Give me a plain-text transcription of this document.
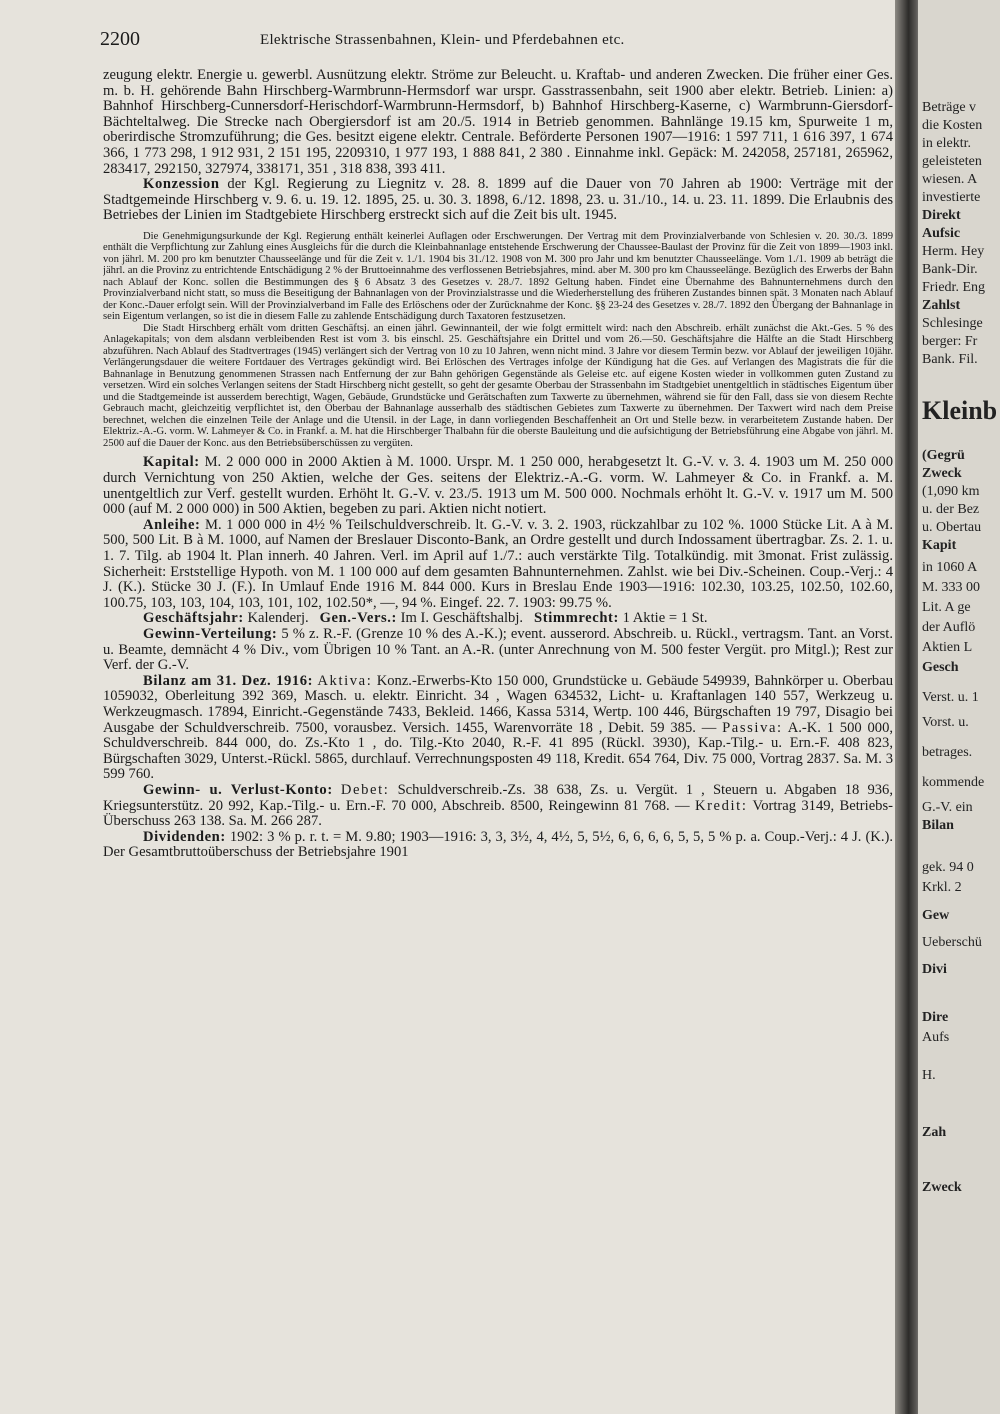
2200	Elektrische Strassenbahnen, Klein- und Pferdebahnen etc.

zeugung elektr. Energie u. gewerbl. Ausnützung elektr. Ströme zur Beleucht. u. Kraftab- und anderen Zwecken. Die früher einer Ges. m. b. H. gehörende Bahn Hirschberg-Warmbrunn-Hermsdorf war urspr. Gasstrassenbahn, seit 1900 aber elektr. Betrieb. Linien: a) Bahnhof Hirschberg-Cunnersdorf-Herischdorf-Warmbrunn-Hermsdorf, b) Bahnhof Hirschberg-Kaserne, c) Warmbrunn-Giersdorf-Bächteltalweg. Die Strecke nach Obergiersdorf ist am 20./5. 1914 in Betrieb genommen. Bahnlänge 19.15 km, Spurweite 1 m, oberirdische Stromzuführung; die Ges. besitzt eigene elektr. Centrale. Beförderte Personen 1907—1916: 1 597 711, 1 616 397, 1 674 366, 1 773 298, 1 912 931, 2 151 195, 2209310, 1 977 193, 1 888 841, 2 380 . Einnahme inkl. Gepäck: M. 242058, 257181, 265962, 283417, 292150, 327974, 338171, 351 , 318 838, 393 411.

Konzession der Kgl. Regierung zu Liegnitz v. 28. 8. 1899 auf die Dauer von 70 Jahren ab 1900: Verträge mit der Stadtgemeinde Hirschberg v. 9. 6. u. 19. 12. 1895, 25. u. 30. 3. 1898, 6./12. 1898, 23. u. 31./10., 14. u. 23. 11. 1899. Die Erlaubnis des Betriebes der Linien im Stadtgebiete Hirschberg erstreckt sich auf die Zeit bis ult. 1945.

Die Genehmigungsurkunde der Kgl. Regierung enthält keinerlei Auflagen oder Erschwerungen. Der Vertrag mit dem Provinzialverbande von Schlesien v. 20. 30./3. 1899 enthält die Verpflichtung zur Zahlung eines Ausgleichs für die durch die Kleinbahnanlage entstehende Erschwerung der Chaussee-Baulast der Provinz für die Zeit von 1899—1903 inkl. von jährl. M. 200 pro km benutzter Chausseelänge und für die Zeit v. 1./1. 1904 bis 31./12. 1908 von M. 300 pro Jahr und km benutzter Chausseelänge. Vom 1./1. 1909 ab beträgt die jährl. an die Provinz zu entrichtende Entschädigung 2 % der Bruttoeinnahme des verflossenen Betriebsjahres, mind. aber M. 300 pro km Chausseelänge. Bezüglich des Erwerbs der Bahn nach Ablauf der Konc. sollen die Bestimmungen des § 6 Absatz 3 des Gesetzes v. 28./7. 1892 Geltung haben. Findet eine Übernahme des Bahnunternehmens durch den Provinzialverband nicht statt, so muss die Beseitigung der Bahnanlagen von der Provinzialstrasse und die Wiederherstellung des früheren Zustandes binnen spät. 3 Monaten nach Ablauf der Konc.-Dauer erfolgt sein. Will der Provinzialverband im Falle des Erlöschens oder der Zurücknahme der Konc. §§ 23-24 des Gesetzes v. 28./7. 1892 den Übergang der Bahnanlage in sein Eigentum verlangen, so ist die in diesem Falle zu zahlende Entschädigung durch Taxatoren festzusetzen.

Die Stadt Hirschberg erhält vom dritten Geschäftsj. an einen jährl. Gewinnanteil, der wie folgt ermittelt wird: nach den Abschreib. erhält zunächst die Akt.-Ges. 5 % des Anlagekapitals; von dem alsdann verbleibenden Rest ist vom 3. bis einschl. 25. Geschäftsjahre ein Drittel und vom 26.—50. Geschäftsjahre die Hälfte an die Stadt Hirschberg abzuführen. Nach Ablauf des Stadtvertrages (1945) verlängert sich der Vertrag von 10 zu 10 Jahren, wenn nicht mind. 3 Jahre vor diesem Termin bezw. vor Ablauf der jeweiligen 10jähr. Verlängerungsdauer die weitere Fortdauer des Vertrages gekündigt wird. Bei Erlöschen des Vertrages infolge der Kündigung hat die Ges. auf Verlangen des Magistrats die für die Bahnanlage in Benutzung genommenen Strassen nach Entfernung der zur Bahn gehörigen Gegenstände als Geleise etc. auf eigene Kosten wieder in vollkommen guten Zustand zu versetzen. Wird ein solches Verlangen seitens der Stadt Hirschberg nicht gestellt, so geht der gesamte Oberbau der Strassenbahn im Stadtgebiet unentgeltlich in städtisches Eigentum über und die Stadtgemeinde ist ausserdem berechtigt, Wagen, Gebäude, Grundstücke und Gerätschaften zum Taxwerte zu übernehmen, während sie für den Fall, dass sie von diesem Rechte Gebrauch macht, gleichzeitig verpflichtet ist, den Oberbau der Bahnanlage ausserhalb des städtischen Gebietes zum Taxwerte zu übernehmen. Der Taxwert wird nach dem Preise berechnet, welchen die einzelnen Teile der Anlage und die Utensil. in der Lage, in dann vorliegenden Beschaffenheit an Ort und Stelle bezw. in verarbeitetem Zustande haben. Der Elektriz.-A.-G. vorm. W. Lahmeyer & Co. in Frankf. a. M. hat die Hirschberger Thalbahn für die oberste Bauleitung und die aufsichtigung der Betriebsführung eine Abgabe von jährl. M. 2500 auf die Dauer der Konc. aus den Betriebsüberschüssen zu vergüten.

Kapital: M. 2 000 000 in 2000 Aktien à M. 1000. Urspr. M. 1 250 000, herabgesetzt lt. G.-V. v. 3. 4. 1903 um M. 250 000 durch Vernichtung von 250 Aktien, welche der Ges. seitens der Elektriz.-A.-G. vorm. W. Lahmeyer & Co. in Frankf. a. M. unentgeltlich zur Verf. gestellt wurden. Erhöht lt. G.-V. v. 23./5. 1913 um M. 500 000. Nochmals erhöht lt. G.-V. v. 1917 um M. 500 000 (auf M. 2 000 000) in 500 Aktien, begeben zu pari. Aktien nicht notiert.

Anleihe: M. 1 000 000 in 4½ % Teilschuldverschreib. lt. G.-V. v. 3. 2. 1903, rückzahlbar zu 102 %. 1000 Stücke Lit. A à M. 500, 500 Lit. B à M. 1000, auf Namen der Breslauer Disconto-Bank, an Ordre gestellt und durch Indossament übertragbar. Zs. 2. 1. u. 1. 7. Tilg. ab 1904 lt. Plan innerh. 40 Jahren. Verl. im April auf 1./7.: auch verstärkte Tilg. Totalkündig. mit 3monat. Frist zulässig. Sicherheit: Erststellige Hypoth. von M. 1 100 000 auf dem gesamten Bahnunternehmen. Zahlst. wie bei Div.-Scheinen. Coup.-Verj.: 4 J. (K.). Stücke 30 J. (F.). In Umlauf Ende 1916 M. 844 000. Kurs in Breslau Ende 1903—1916: 102.30, 103.25, 102.50, 102.60, 100.75, 103, 103, 104, 103, 101, 102, 102.50*, —, 94 %. Eingef. 22. 7. 1903: 99.75 %.

Geschäftsjahr: Kalenderj. Gen.-Vers.: Im I. Geschäftshalbj. Stimmrecht: 1 Aktie = 1 St.

Gewinn-Verteilung: 5 % z. R.-F. (Grenze 10 % des A.-K.); event. ausserord. Abschreib. u. Rückl., vertragsm. Tant. an Vorst. u. Beamte, demnächt 4 % Div., vom Übrigen 10 % Tant. an A.-R. (unter Anrechnung von M. 500 fester Vergüt. pro Mitgl.); Rest zur Verf. der G.-V.

Bilanz am 31. Dez. 1916: Aktiva: Konz.-Erwerbs-Kto 150 000, Grundstücke u. Gebäude 549939, Bahnkörper u. Oberbau 1059032, Oberleitung 392 369, Masch. u. elektr. Einricht. 34 , Wagen 634532, Licht- u. Kraftanlagen 140 557, Werkzeug u. Werkzeugmasch. 17894, Einricht.-Gegenstände 7433, Bekleid. 1466, Kassa 5314, Wertp. 100 446, Bürgschaften 19 797, Disagio bei Ausgabe der Schuldverschreib. 7500, vorausbez. Versich. 1455, Warenvorräte 18 , Debit. 59 385. — Passiva: A.-K. 1 500 000, Schuldverschreib. 844 000, do. Zs.-Kto 1 , do. Tilg.-Kto 2040, R.-F. 41 895 (Rückl. 3930), Kap.-Tilg.- u. Ern.-F. 408 823, Bürgschaften 3029, Unterst.-Rückl. 5865, durchlauf. Verrechnungsposten 49 118, Kredit. 654 764, Div. 75 000, Vortrag 2837. Sa. M. 3 599 760.

Gewinn- u. Verlust-Konto: Debet: Schuldverschreib.-Zs. 38 638, Zs. u. Vergüt. 1 , Steuern u. Abgaben 18 936, Kriegsunterstütz. 20 992, Kap.-Tilg.- u. Ern.-F. 70 000, Abschreib. 8500, Reingewinn 81 768. — Kredit: Vortrag 3149, Betriebs-Überschuss 263 138. Sa. M. 266 287.

Dividenden: 1902: 3 % p. r. t. = M. 9.80; 1903—1916: 3, 3, 3½, 4, 4½, 5, 5½, 6, 6, 6, 6, 5, 5, 5 % p. a. Coup.-Verj.: 4 J. (K.). Der Gesamtbruttoüberschuss der Betriebsjahre 1901

Beträge v
die Kosten
in elektr.
geleisteten
wiesen. A
investierte
Direkt
Aufsic
Herm. Hey
Bank-Dir.
Friedr. Eng
Zahlst
Schlesinge
berger: Fr
Bank. Fil.
Kleinb
(Gegrü
Zweck
(1,090 km
u. der Bez
u. Obertau
Kapit
in 1060 A
M. 333 00
Lit. A ge
der Auflö
Aktien L
Gesch
Verst. u. 1
Vorst. u.
betrages.
kommende
G.-V. ein
Bilan
gek. 94 0
Krkl. 2
Gew
Ueberschü
Divi
Dire
Aufs
H.
Zah
Zweck
